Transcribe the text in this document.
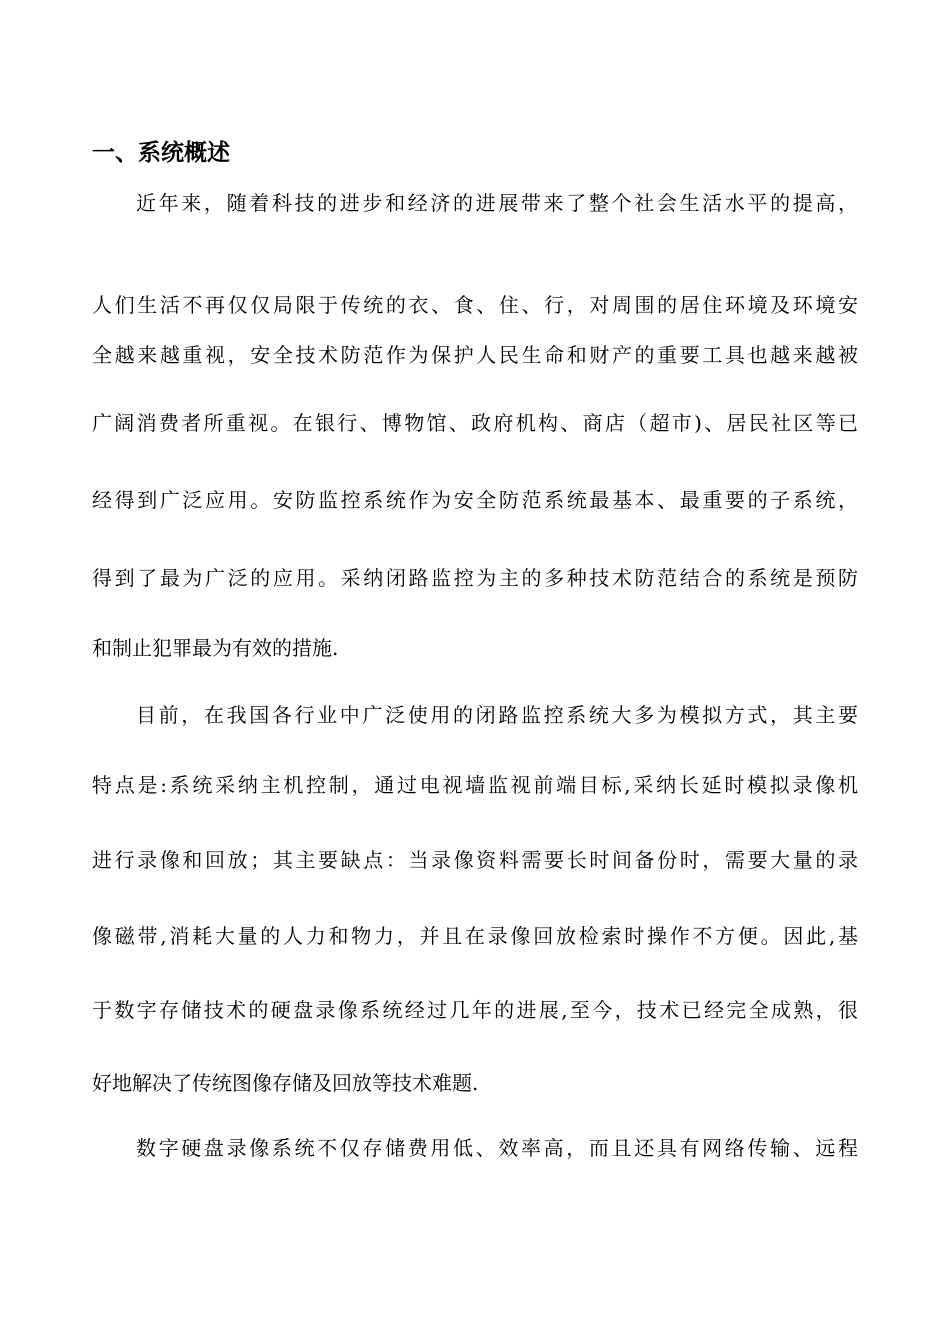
一、系统概述
近年来，随着科技的进步和经济的进展带来了整个社会生活水平的提高，
人们生活不再仅仅局限于传统的衣、食、住、行，对周围的居住环境及环境安
全越来越重视，安全技术防范作为保护人民生命和财产的重要工具也越来越被
广阔消费者所重视。在银行、博物馆、政府机构、商店（超市)、居民社区等已
经得到广泛应用。安防监控系统作为安全防范系统最基本、最重要的子系统，
得到了最为广泛的应用。采纳闭路监控为主的多种技术防范结合的系统是预防
和制止犯罪最为有效的措施.
目前，在我国各行业中广泛使用的闭路监控系统大多为模拟方式，其主要
特点是:系统采纳主机控制，通过电视墙监视前端目标,采纳长延时模拟录像机
进行录像和回放；其主要缺点：当录像资料需要长时间备份时，需要大量的录
像磁带,消耗大量的人力和物力，并且在录像回放检索时操作不方便。因此,基
于数字存储技术的硬盘录像系统经过几年的进展,至今，技术已经完全成熟，很
好地解决了传统图像存储及回放等技术难题.
数字硬盘录像系统不仅存储费用低、效率高，而且还具有网络传输、远程
